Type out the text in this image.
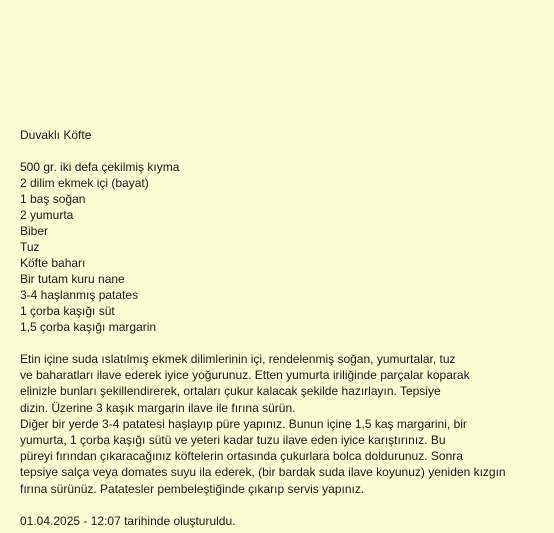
Duvaklı Köfte
500 gr. iki defa çekilmiş kıyma
2 dilim ekmek içi (bayat)
1 baş soğan
2 yumurta
Biber
Tuz
Köfte baharı
Bir tutam kuru nane
3-4 haşlanmış patates
1 çorba kaşığı süt
1,5 çorba kaşığı margarin
Etin içine suda ıslatılmış ekmek dilimlerinin içi, rendelenmiş soğan, yumurtalar, tuz
ve baharatları ilave ederek iyice yoğurunuz. Etten yumurta iriliğinde parçalar koparak
elinizle bunları şekillendirerek, ortaları çukur kalacak şekilde hazırlayın. Tepsiye
dizin. Üzerine 3 kaşık margarin ilave ile fırına sürün.
Diğer bir yerde 3-4 patatesi haşlayıp püre yapınız. Bunun içine 1,5 kaş margarini, bir
yumurta, 1 çorba kaşığı sütü ve yeteri kadar tuzu ilave eden iyice karıştırınız. Bu
püreyi fırından çıkaracağınız köftelerin ortasında çukurlara bolca doldurunuz. Sonra
tepsiye salça veya domates suyu ila ederek, (bir bardak suda ilave koyunuz) yeniden kızgın
fırına sürünüz. Patatesler pembeleştiğinde çıkarıp servis yapınız.
01.04.2025 - 12:07 tarihinde oluşturuldu.
